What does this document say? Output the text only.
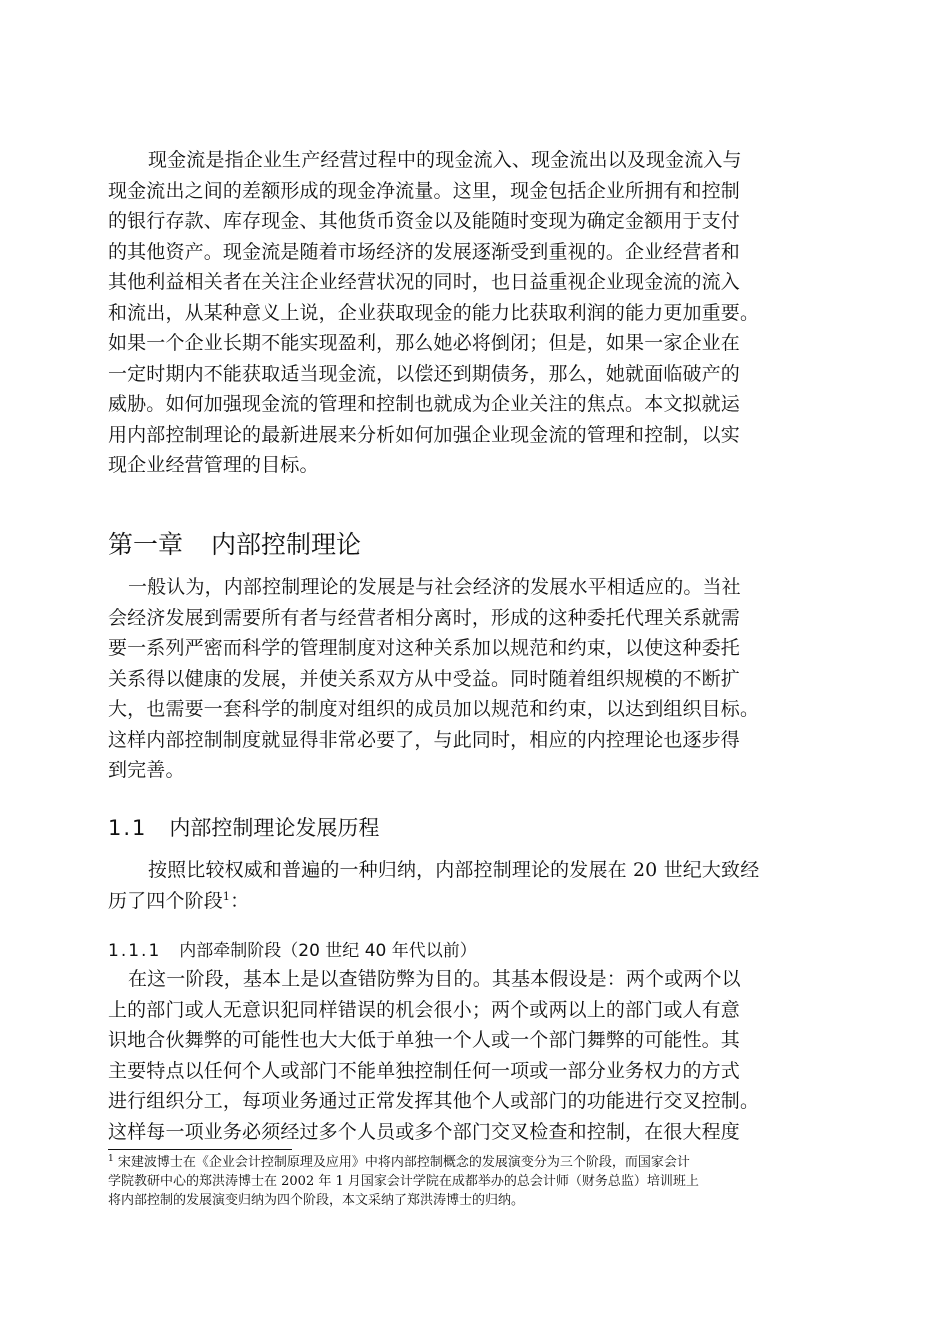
现金流是指企业生产经营过程中的现金流入、现金流出以及现金流入与
现金流出之间的差额形成的现金净流量。这里，现金包括企业所拥有和控制
的银行存款、库存现金、其他货币资金以及能随时变现为确定金额用于支付
的其他资产。现金流是随着市场经济的发展逐渐受到重视的。企业经营者和
其他利益相关者在关注企业经营状况的同时，也日益重视企业现金流的流入
和流出，从某种意义上说，企业获取现金的能力比获取利润的能力更加重要。
如果一个企业长期不能实现盈利，那么她必将倒闭；但是，如果一家企业在
一定时期内不能获取适当现金流，以偿还到期债务，那么，她就面临破产的
威胁。如何加强现金流的管理和控制也就成为企业关注的焦点。本文拟就运
用内部控制理论的最新进展来分析如何加强企业现金流的管理和控制，以实
现企业经营管理的目标。
第一章 内部控制理论
一般认为，内部控制理论的发展是与社会经济的发展水平相适应的。当社
会经济发展到需要所有者与经营者相分离时，形成的这种委托代理关系就需
要一系列严密而科学的管理制度对这种关系加以规范和约束，以使这种委托
关系得以健康的发展，并使关系双方从中受益。同时随着组织规模的不断扩
大，也需要一套科学的制度对组织的成员加以规范和约束，以达到组织目标。
这样内部控制制度就显得非常必要了，与此同时，相应的内控理论也逐步得
到完善。
1.1 内部控制理论发展历程
按照比较权威和普遍的一种归纳，内部控制理论的发展在 20 世纪大致经
历了四个阶段$^1$：
1.1.1 内部牵制阶段（20 世纪 40 年代以前）
在这一阶段，基本上是以查错防弊为目的。其基本假设是：两个或两个以
上的部门或人无意识犯同样错误的机会很小；两个或两以上的部门或人有意
识地合伙舞弊的可能性也大大低于单独一个人或一个部门舞弊的可能性。其
主要特点以任何个人或部门不能单独控制任何一项或一部分业务权力的方式
进行组织分工，每项业务通过正常发挥其他个人或部门的功能进行交叉控制。
这样每一项业务必须经过多个人员或多个部门交叉检查和控制，在很大程度
$^1$ 宋建波博士在《企业会计控制原理及应用》中将内部控制概念的发展演变分为三个阶段，而国家会计
学院教研中心的郑洪涛博士在 2002 年 1 月国家会计学院在成都举办的总会计师（财务总监）培训班上
将内部控制的发展演变归纳为四个阶段，本文采纳了郑洪涛博士的归纳。
